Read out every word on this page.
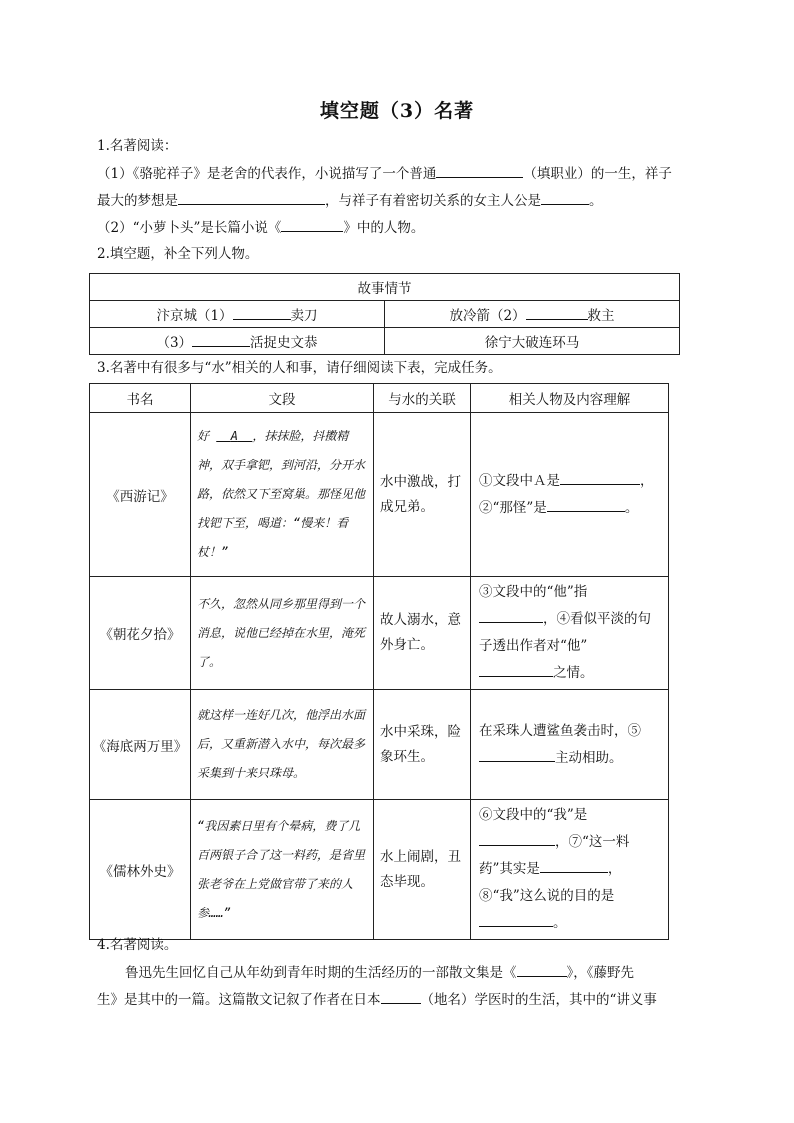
填空题（3）名著
1.名著阅读：
（1）《骆驼祥子》是老舍的代表作，小说描写了一个普通	（填职业）的一生，祥子
最大的梦想是	，与祥子有着密切关系的女主人公是	。
（2）“小萝卜头”是长篇小说《	》中的人物。
2.填空题，补全下列人物。
故事情节	
汴京城（1） 卖刀	放冷箭（2） 救主
（3） 活捉史文恭	徐宁大破连环马
3.名著中有很多与“水”相关的人和事，请仔细阅读下表，完成任务。
书名	文段	与水的关联	相关人物及内容理解
《西游记》	好  A ，抹抹脸，抖擞精神，双手拿钯，到河沿，分开水路，依然又下至窝巢。那怪见他找钯下至，喝道：“慢来！看杖！”	水中激战，打成兄弟。	①文段中Ａ是 ，
②“那怪”是 。

《朝花夕拾》	不久，忽然从同乡那里得到一个消息，说他已经掉在水里，淹死了。	故人溺水，意外身亡。	③文段中的“他”指
，④看似平淡的句子透出作者对“他”之情。
《海底两万里》	就这样一连好几次，他浮出水面后，又重新潜入水中，每次最多采集到十来只珠母。	水中采珠，险象环生。	在采珠人遭鲨鱼袭击时，⑤
主动相助。
《儒林外史》	“我因素日里有个晕病，费了几百两银子合了这一料药，是省里张老爷在上党做官带了来的人参……”	水上闹剧，丑态毕现。	⑥文段中的“我”是
，⑦“这一料药”其实是 ，⑧“我”这么说的目的是。
4.名著阅读。
鲁迅先生回忆自己从年幼到青年时期的生活经历的一部散文集是《	》，《藤野先
生》是其中的一篇。这篇散文记叙了作者在日本	（地名）学医时的生活，其中的“讲义事
